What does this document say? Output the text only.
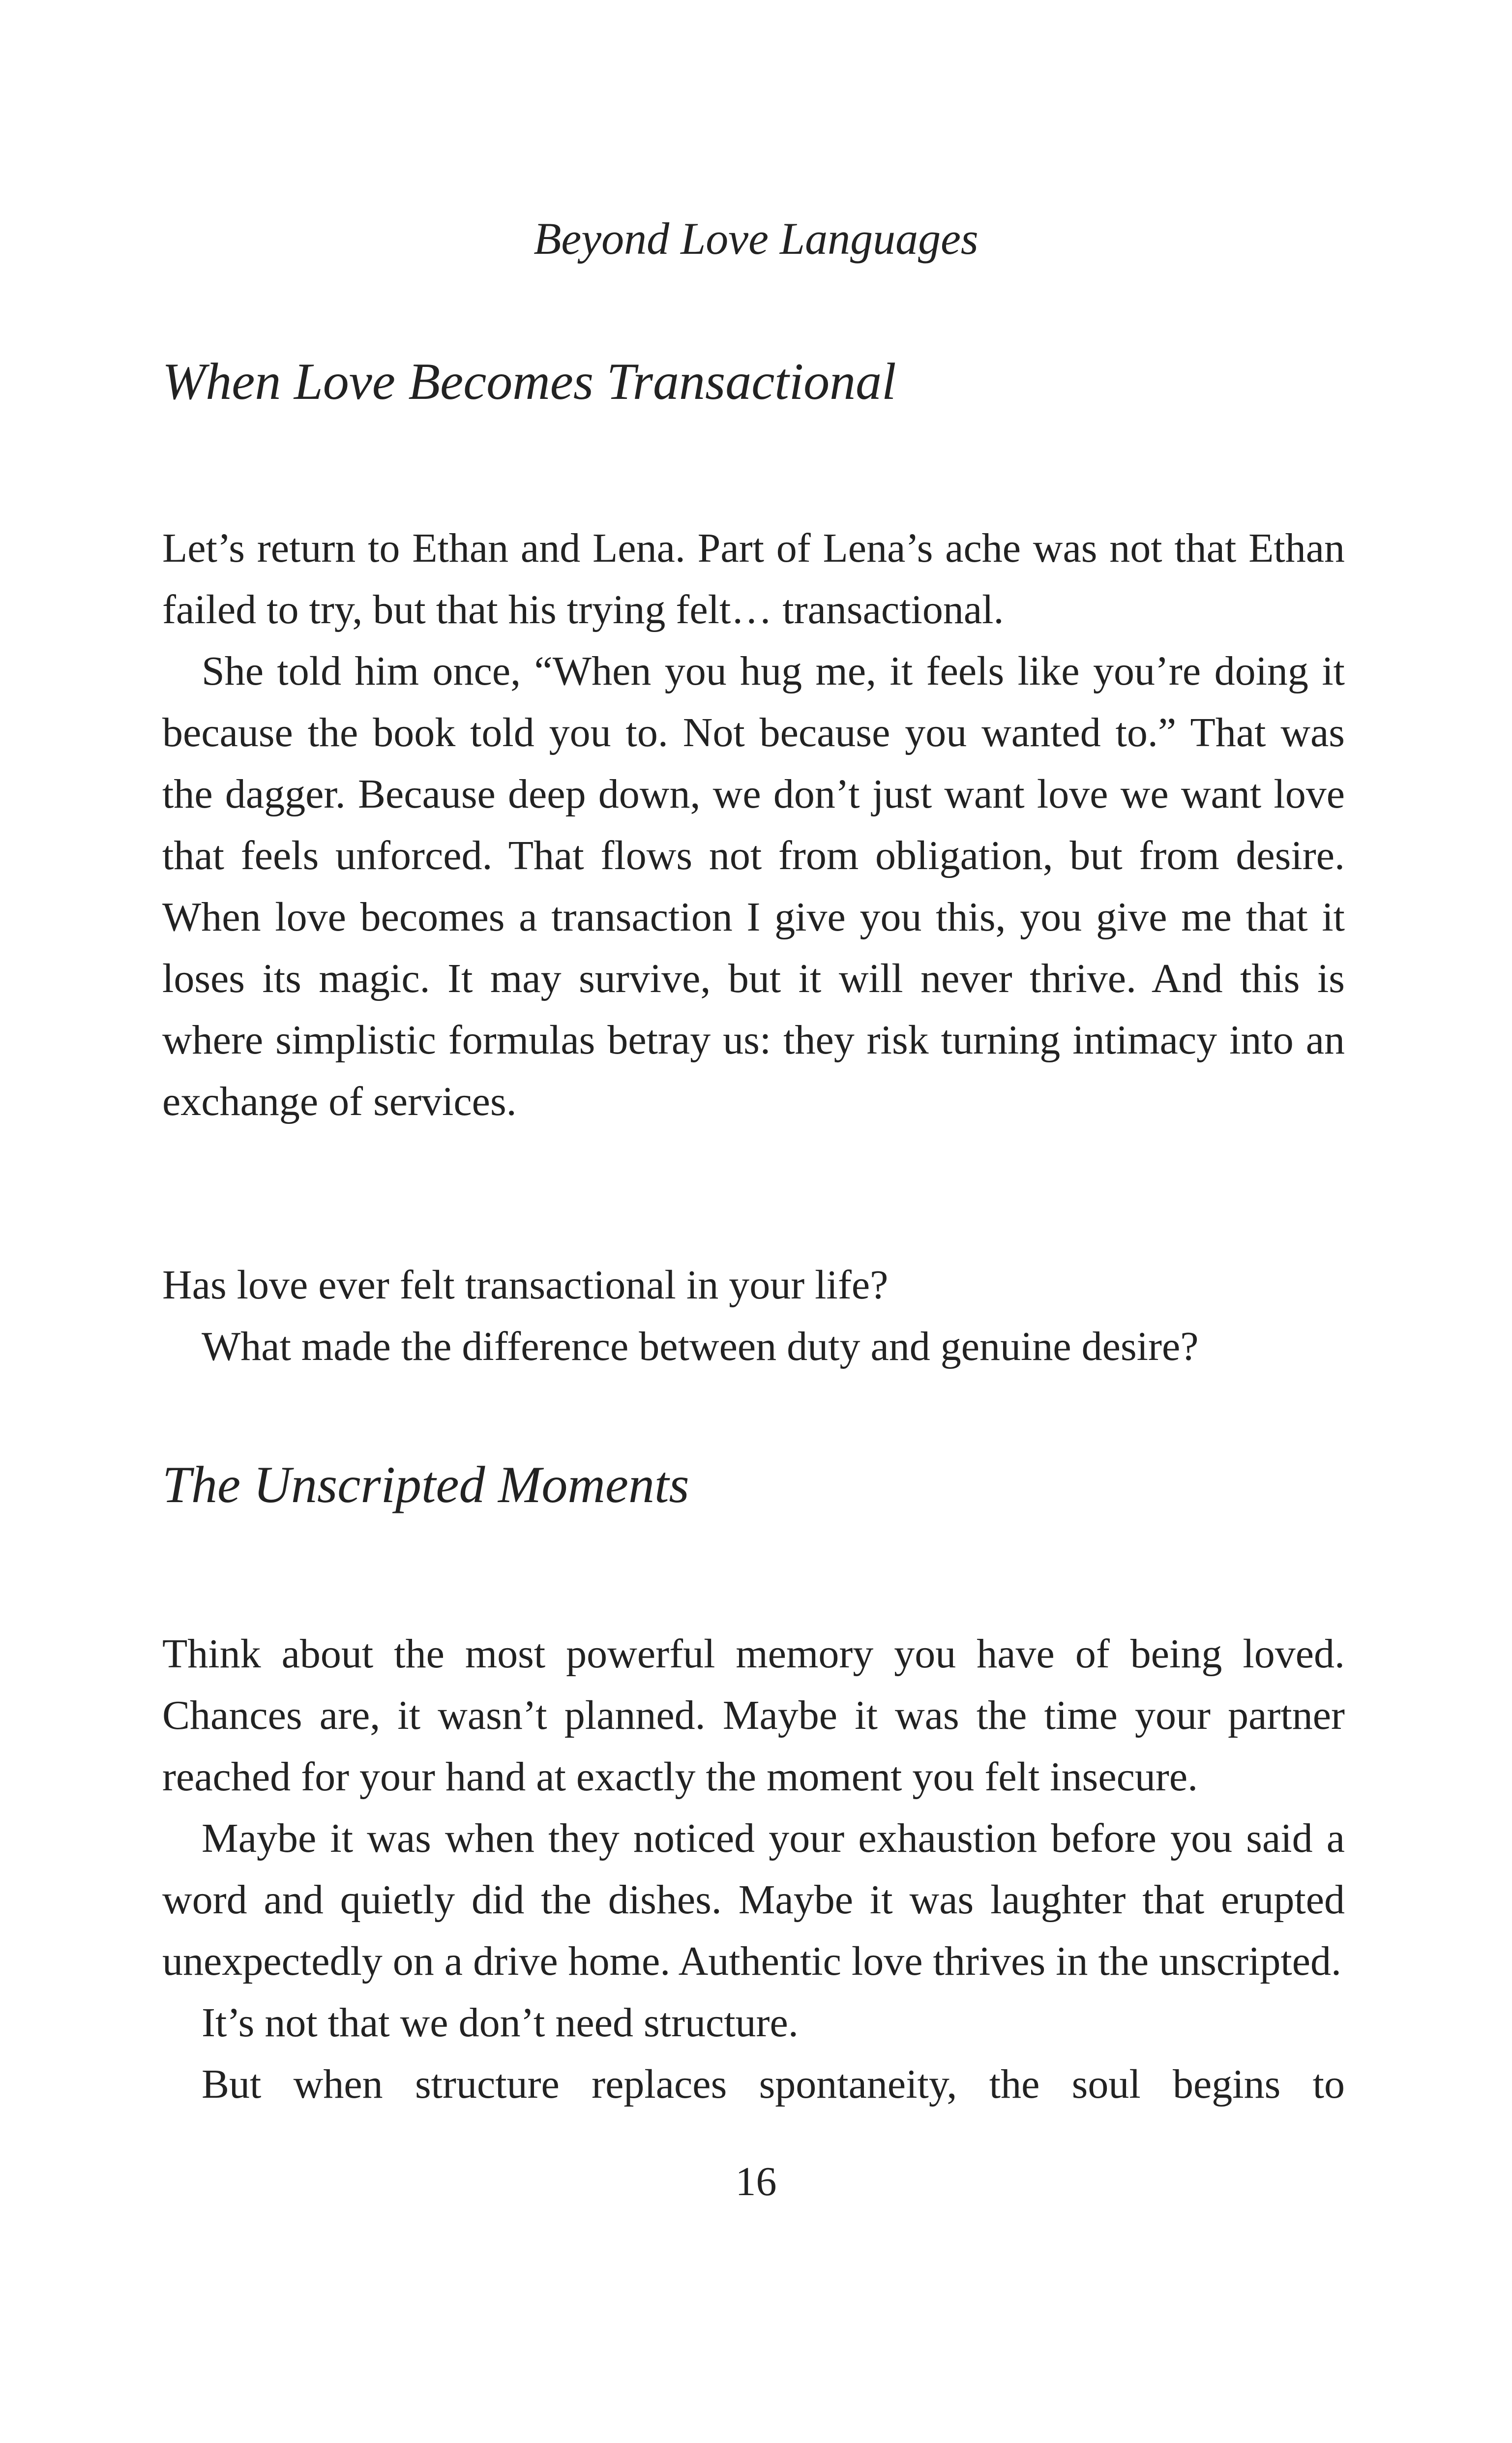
Beyond Love Languages
When Love Becomes Transactional

Let’s return to Ethan and Lena. Part of Lena’s ache was not that Ethan failed to try, but that his trying felt… transactional.

She told him once, “When you hug me, it feels like you’re doing it because the book told you to. Not because you wanted to.” That was the dagger. Because deep down, we don’t just want love we want love that feels unforced. That flows not from obligation, but from desire. When love becomes a transaction I give you this, you give me that it loses its magic. It may survive, but it will never thrive. And this is where simplistic formulas betray us: they risk turning intimacy into an exchange of services.

Has love ever felt transactional in your life?

What made the difference between duty and genuine desire?

The Unscripted Moments

Think about the most powerful memory you have of being loved. Chances are, it wasn’t planned. Maybe it was the time your partner reached for your hand at exactly the moment you felt insecure.

Maybe it was when they noticed your exhaustion before you said a word and quietly did the dishes. Maybe it was laughter that erupted unexpectedly on a drive home. Authentic love thrives in the unscripted.

It’s not that we don’t need structure.

But when structure replaces spontaneity, the soul begins to

16
